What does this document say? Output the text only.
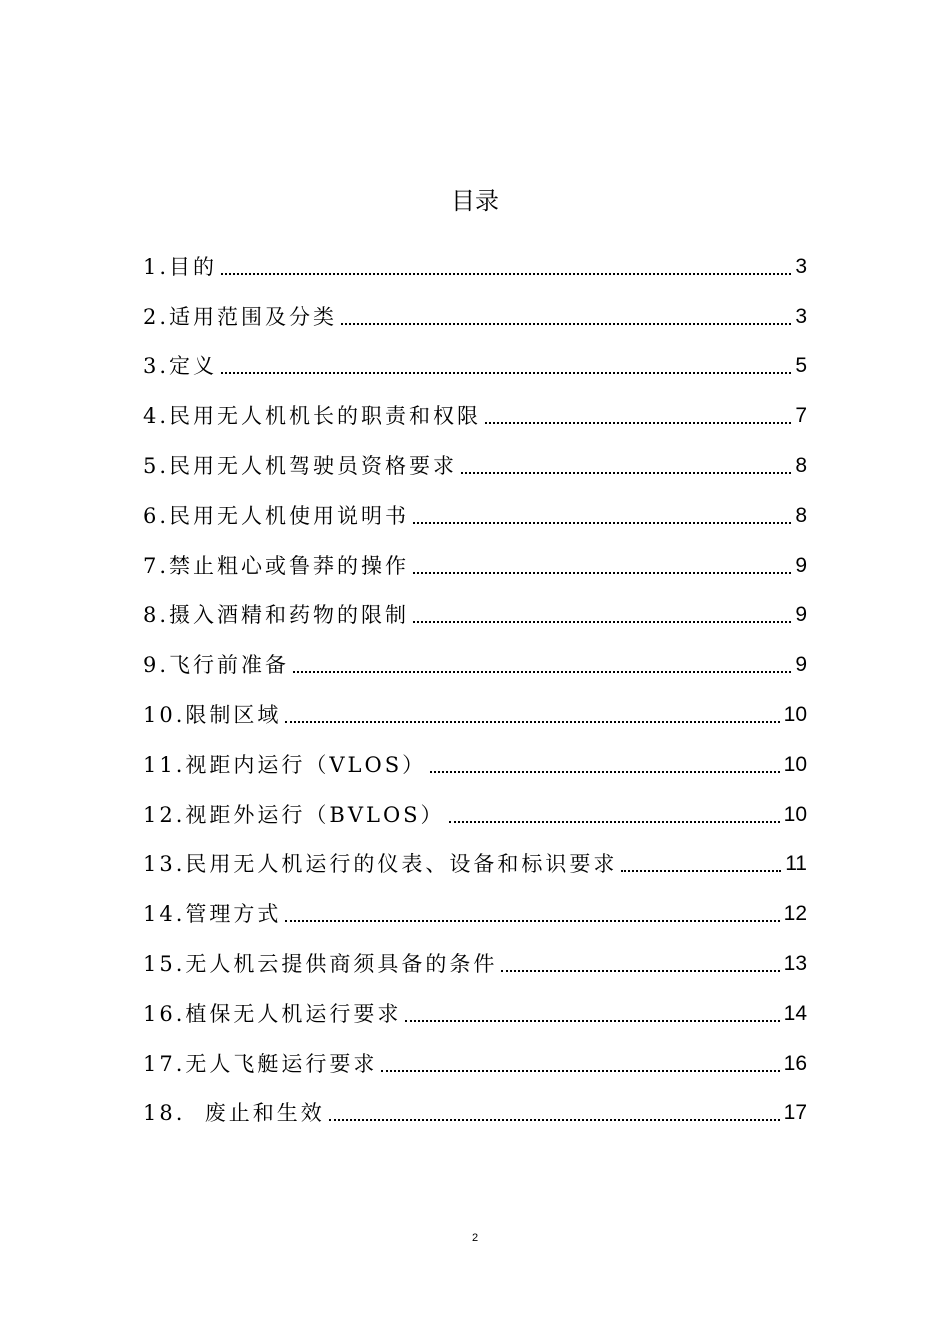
目录
1.目的	3
2.适用范围及分类	3
3.定义	5
4.民用无人机机长的职责和权限	7
5.民用无人机驾驶员资格要求	8
6.民用无人机使用说明书	8
7.禁止粗心或鲁莽的操作	9
8.摄入酒精和药物的限制	9
9.飞行前准备	9
10.限制区域	10
11.视距内运行（VLOS）	10
12.视距外运行（BVLOS）	10
13.民用无人机运行的仪表、设备和标识要求	11
14.管理方式	12
15.无人机云提供商须具备的条件	13
16.植保无人机运行要求	14
17.无人飞艇运行要求	16
18.  废止和生效	17
2
